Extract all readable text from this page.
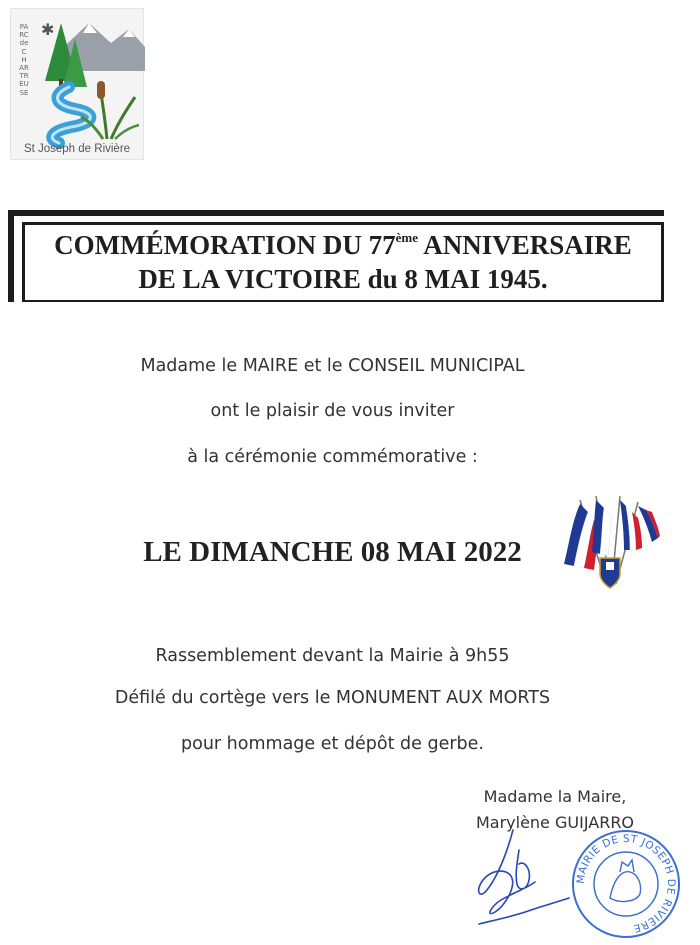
✱
PARC de CHARTREUSE
St Joseph de Rivière
COMMÉMORATION DU 77ème ANNIVERSAIRE
DE LA VICTOIRE du 8 MAI 1945.

Madame le MAIRE et le CONSEIL MUNICIPAL

ont le plaisir de vous inviter

à la cérémonie commémorative :

LE DIMANCHE 08 MAI 2022

Rassemblement devant la Mairie à 9h55

Défilé du cortège vers le MONUMENT AUX MORTS

pour hommage et dépôt de gerbe.

Madame la Maire,

Marylène GUIJARRO

MAIRIE DE ST JOSEPH DE RIVIÈRE
